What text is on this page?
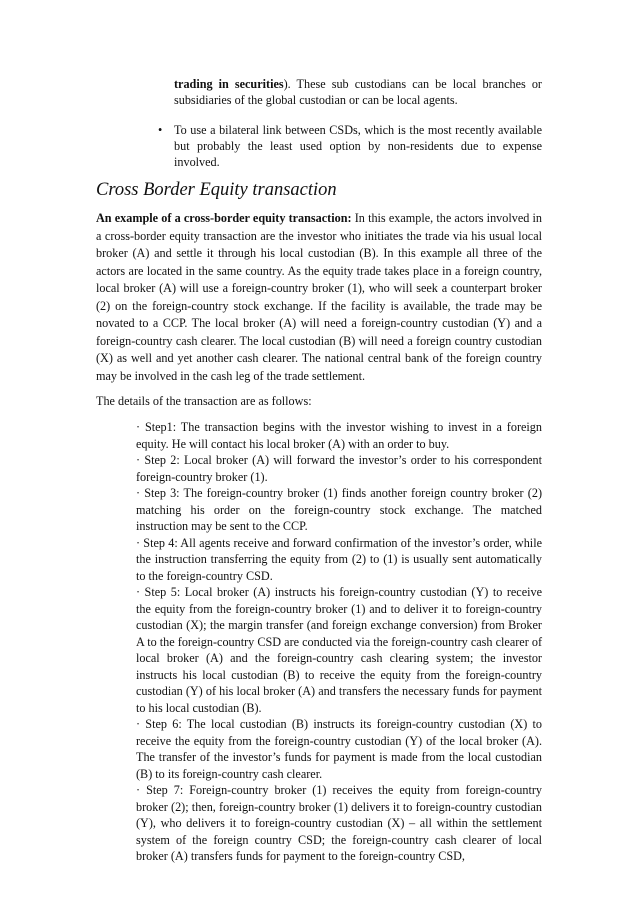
trading in securities). These sub custodians can be local branches or subsidiaries of the global custodian or can be local agents.

• To use a bilateral link between CSDs, which is the most recently available but probably the least used option by non-residents due to expense involved.

Cross Border Equity transaction

An example of a cross-border equity transaction: In this example, the actors involved in a cross-border equity transaction are the investor who initiates the trade via his usual local broker (A) and settle it through his local custodian (B). In this example all three of the actors are located in the same country. As the equity trade takes place in a foreign country, local broker (A) will use a foreign-country broker (1), who will seek a counterpart broker (2) on the foreign-country stock exchange. If the facility is available, the trade may be novated to a CCP. The local broker (A) will need a foreign-country custodian (Y) and a foreign-country cash clearer. The local custodian (B) will need a foreign country custodian (X) as well and yet another cash clearer. The national central bank of the foreign country may be involved in the cash leg of the trade settlement.

The details of the transaction are as follows:

· Step1: The transaction begins with the investor wishing to invest in a foreign equity. He will contact his local broker (A) with an order to buy.
· Step 2: Local broker (A) will forward the investor’s order to his correspondent foreign-country broker (1).
· Step 3: The foreign-country broker (1) finds another foreign country broker (2) matching his order on the foreign-country stock exchange. The matched instruction may be sent to the CCP.
· Step 4: All agents receive and forward confirmation of the investor’s order, while the instruction transferring the equity from (2) to (1) is usually sent automatically to the foreign-country CSD.
· Step 5: Local broker (A) instructs his foreign-country custodian (Y) to receive the equity from the foreign-country broker (1) and to deliver it to foreign-country custodian (X); the margin transfer (and foreign exchange conversion) from Broker A to the foreign-country CSD are conducted via the foreign-country cash clearer of local broker (A) and the foreign-country cash clearing system; the investor instructs his local custodian (B) to receive the equity from the foreign-country custodian (Y) of his local broker (A) and transfers the necessary funds for payment to his local custodian (B).
· Step 6: The local custodian (B) instructs its foreign-country custodian (X) to receive the equity from the foreign-country custodian (Y) of the local broker (A). The transfer of the investor’s funds for payment is made from the local custodian (B) to its foreign-country cash clearer.
· Step 7: Foreign-country broker (1) receives the equity from foreign-country broker (2); then, foreign-country broker (1) delivers it to foreign-country custodian (Y), who delivers it to foreign-country custodian (X) – all within the settlement system of the foreign country CSD; the foreign-country cash clearer of local broker (A) transfers funds for payment to the foreign-country CSD,
